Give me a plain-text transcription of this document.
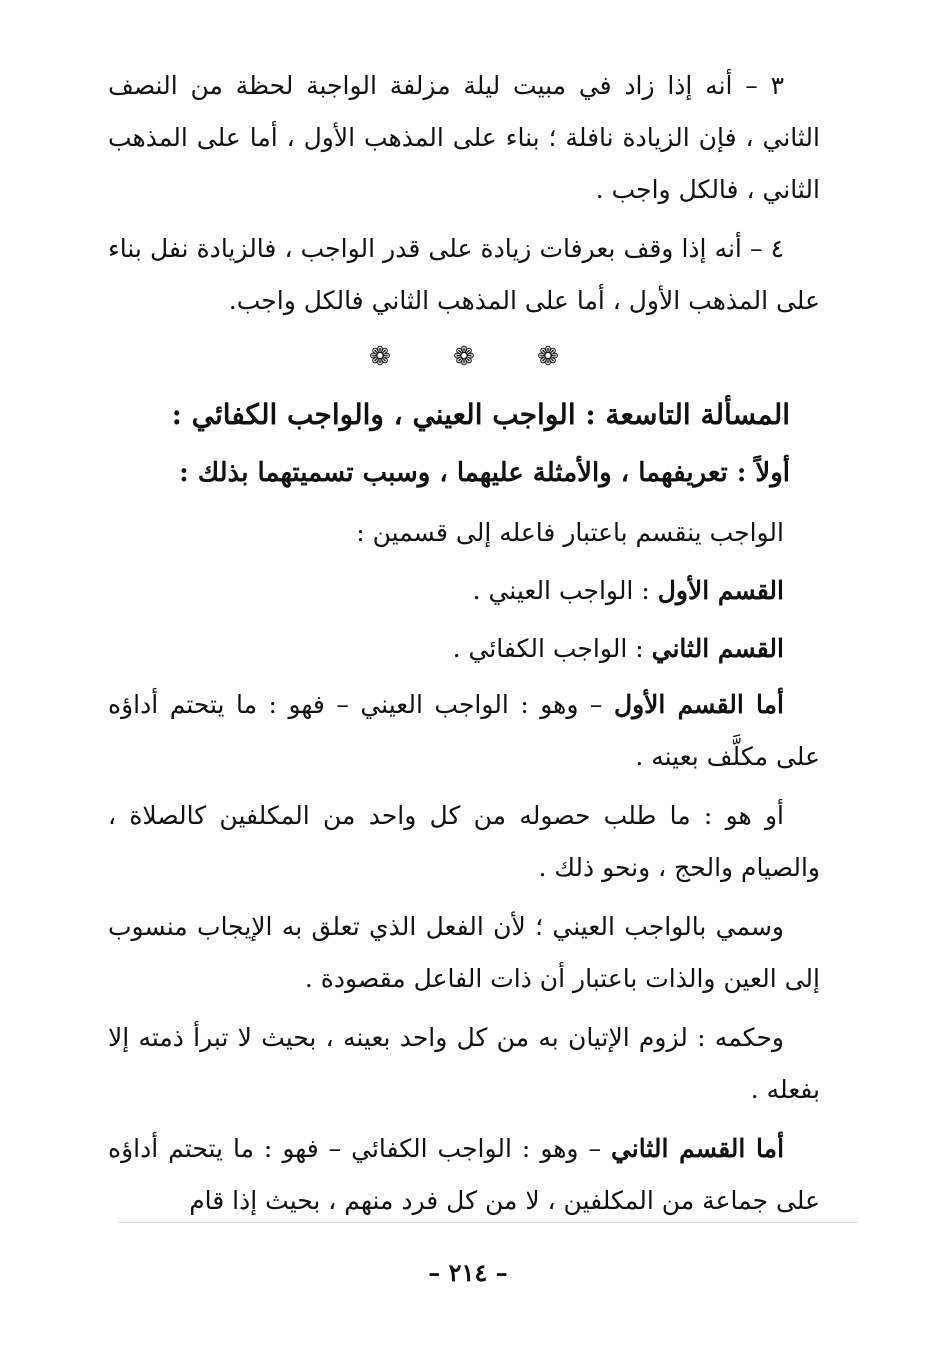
٣ – أنه إذا زاد في مبيت ليلة مزلفة الواجبة لحظة من النصف الثاني ، فإن الزيادة نافلة ؛ بناء على المذهب الأول ، أما على المذهب الثاني ، فالكل واجب .

٤ – أنه إذا وقف بعرفات زيادة على قدر الواجب ، فالزيادة نفل بناء على المذهب الأول ، أما على المذهب الثاني فالكل واجب.

❁ ❁ ❁

المسألة التاسعة : الواجب العيني ، والواجب الكفائي :

أولاً : تعريفهما ، والأمثلة عليهما ، وسبب تسميتهما بذلك :

الواجب ينقسم باعتبار فاعله إلى قسمين :

القسم الأول : الواجب العيني .

القسم الثاني : الواجب الكفائي .

أما القسم الأول – وهو : الواجب العيني – فهو : ما يتحتم أداؤه على مكلَّف بعينه .

أو هو : ما طلب حصوله من كل واحد من المكلفين كالصلاة ، والصيام والحج ، ونحو ذلك .

وسمي بالواجب العيني ؛ لأن الفعل الذي تعلق به الإيجاب منسوب إلى العين والذات باعتبار أن ذات الفاعل مقصودة .

وحكمه : لزوم الإتيان به من كل واحد بعينه ، بحيث لا تبرأ ذمته إلا بفعله .

أما القسم الثاني – وهو : الواجب الكفائي – فهو : ما يتحتم أداؤه على جماعة من المكلفين ، لا من كل فرد منهم ، بحيث إذا قام

– ٢١٤ –
